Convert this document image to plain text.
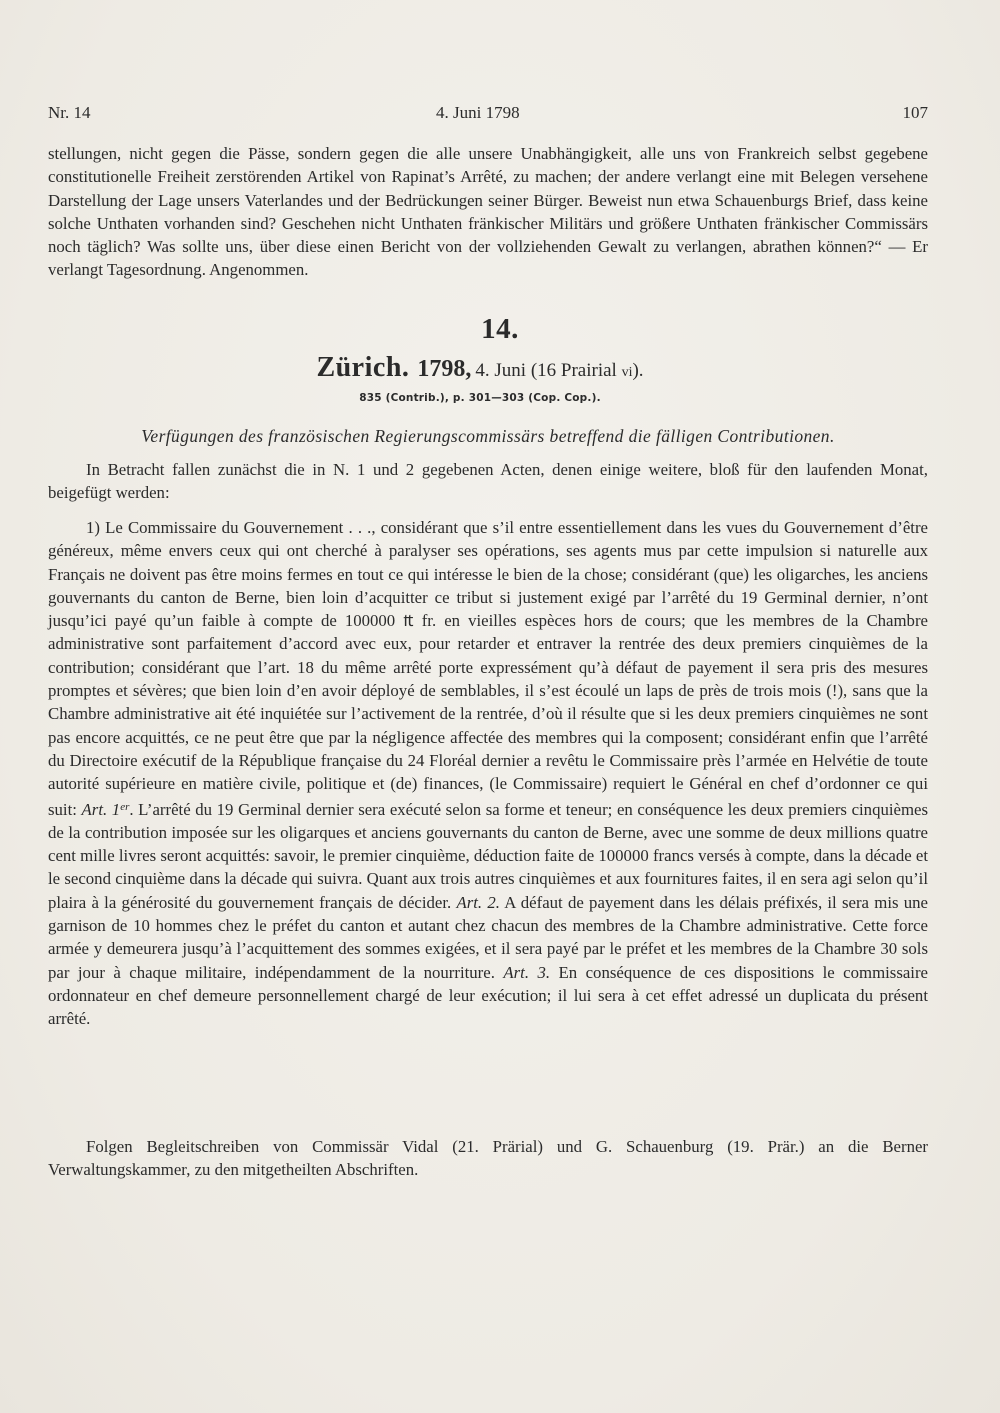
Nr. 14	4. Juni 1798	107
stellungen, nicht gegen die Pässe, sondern gegen die alle unsere Unabhängigkeit, alle uns von Frankreich selbst gegebene constitutionelle Freiheit zerstörenden Artikel von Rapinat’s Arrêté, zu machen; der andere verlangt eine mit Belegen versehene Darstellung der Lage unsers Vaterlandes und der Bedrückungen seiner Bürger. Beweist nun etwa Schauenburgs Brief, dass keine solche Unthaten vorhanden sind? Geschehen nicht Unthaten fränkischer Militärs und größere Unthaten fränkischer Commissärs noch täglich? Was sollte uns, über diese einen Bericht von der vollziehenden Gewalt zu verlangen, abrathen können?“ — Er verlangt Tagesordnung. Angenommen.
14.
Zürich. 1798, 4. Juni (16 Prairial vi).
835 (Contrib.), p. 301—303 (Cop. Cop.).
Verfügungen des französischen Regierungscommissärs betreffend die fälligen Contributionen.
In Betracht fallen zunächst die in N. 1 und 2 gegebenen Acten, denen einige weitere, bloß für den laufenden Monat, beigefügt werden:
1) Le Commissaire du Gouvernement . . ., considérant que s’il entre essentiellement dans les vues du Gouvernement d’être généreux, même envers ceux qui ont cherché à paralyser ses opérations, ses agents mus par cette impulsion si naturelle aux Français ne doivent pas être moins fermes en tout ce qui intéresse le bien de la chose; considérant (que) les oligarches, les anciens gouvernants du canton de Berne, bien loin d’acquitter ce tribut si justement exigé par l’arrêté du 19 Germinal dernier, n’ont jusqu’ici payé qu’un faible à compte de 100000 ₶ fr. en vieilles espèces hors de cours; que les membres de la Chambre administrative sont parfaitement d’accord avec eux, pour retarder et entraver la rentrée des deux premiers cinquièmes de la contribution; considérant que l’art. 18 du même arrêté porte expressément qu’à défaut de payement il sera pris des mesures promptes et sévères; que bien loin d’en avoir déployé de semblables, il s’est écoulé un laps de près de trois mois (!), sans que la Chambre administrative ait été inquiétée sur l’activement de la rentrée, d’où il résulte que si les deux premiers cinquièmes ne sont pas encore acquittés, ce ne peut être que par la négligence affectée des membres qui la composent; considérant enfin que l’arrêté du Directoire exécutif de la République française du 24 Floréal dernier a revêtu le Commissaire près l’armée en Helvétie de toute autorité supérieure en matière civile, politique et (de) finances, (le Commissaire) requiert le Général en chef d’ordonner ce qui suit: Art. 1er. L’arrêté du 19 Germinal dernier sera exécuté selon sa forme et teneur; en conséquence les deux premiers cinquièmes de la contribution imposée sur les oligarques et anciens gouvernants du canton de Berne, avec une somme de deux millions quatre cent mille livres seront acquittés: savoir, le premier cinquième, déduction faite de 100000 francs versés à compte, dans la décade et le second cinquième dans la décade qui suivra. Quant aux trois autres cinquièmes et aux fournitures faites, il en sera agi selon qu’il plaira à la générosité du gouvernement français de décider. Art. 2. A défaut de payement dans les délais préfixés, il sera mis une garnison de 10 hommes chez le préfet du canton et autant chez chacun des membres de la Chambre administrative. Cette force armée y demeurera jusqu’à l’acquittement des sommes exigées, et il sera payé par le préfet et les membres de la Chambre 30 sols par jour à chaque militaire, indépendamment de la nourriture. Art. 3. En conséquence de ces dispositions le commissaire ordonnateur en chef demeure personnellement chargé de leur exécution; il lui sera à cet effet adressé un duplicata du présent arrêté.
Folgen Begleitschreiben von Commissär Vidal (21. Prärial) und G. Schauenburg (19. Prär.) an die Berner Verwaltungskammer, zu den mitgetheilten Abschriften.
